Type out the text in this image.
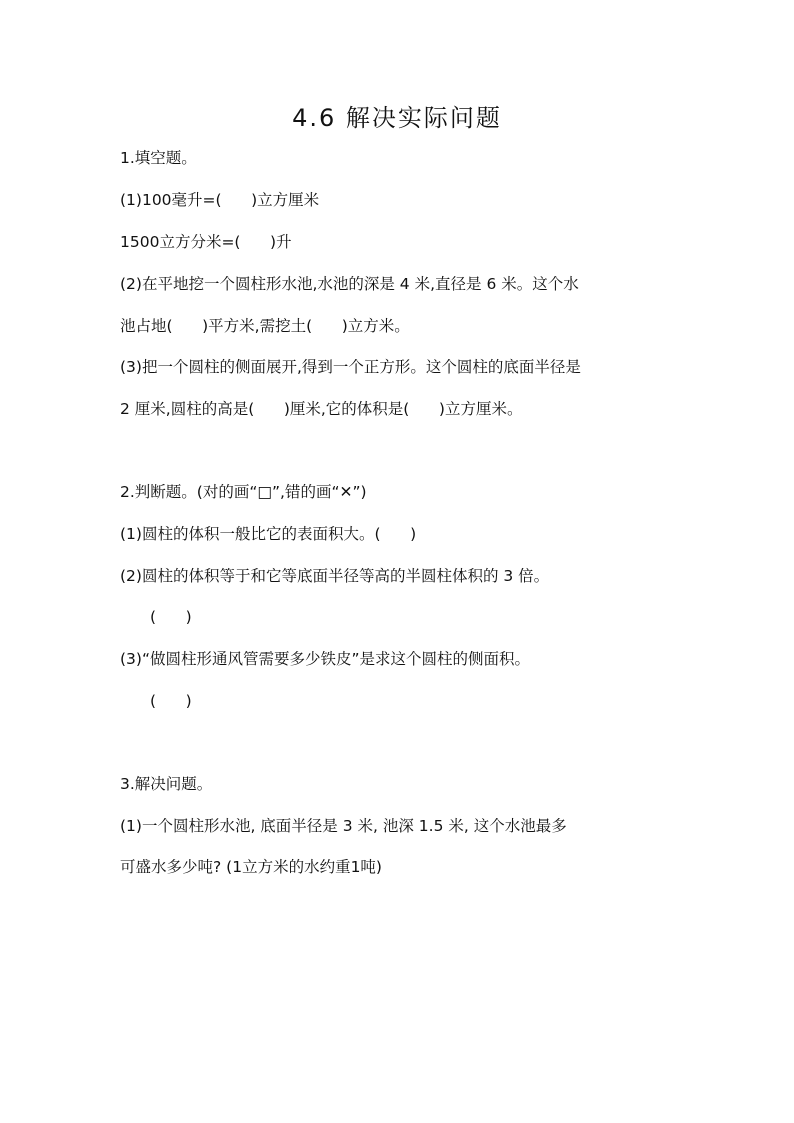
4.6 解决实际问题
1.填空题。
(1)100毫升=(      )立方厘米
1500立方分米=(      )升
(2)在平地挖一个圆柱形水池,水池的深是 4 米,直径是 6 米。这个水
池占地(      )平方米,需挖土(      )立方米。
(3)把一个圆柱的侧面展开,得到一个正方形。这个圆柱的底面半径是
2 厘米,圆柱的高是(      )厘米,它的体积是(      )立方厘米。
2.判断题。(对的画“□”,错的画“✕”)
(1)圆柱的体积一般比它的表面积大。(      )
(2)圆柱的体积等于和它等底面半径等高的半圆柱体积的 3 倍。
(      )
(3)“做圆柱形通风管需要多少铁皮”是求这个圆柱的侧面积。
(      )
3.解决问题。
(1)一个圆柱形水池, 底面半径是 3 米, 池深 1.5 米, 这个水池最多
可盛水多少吨? (1立方米的水约重1吨)
